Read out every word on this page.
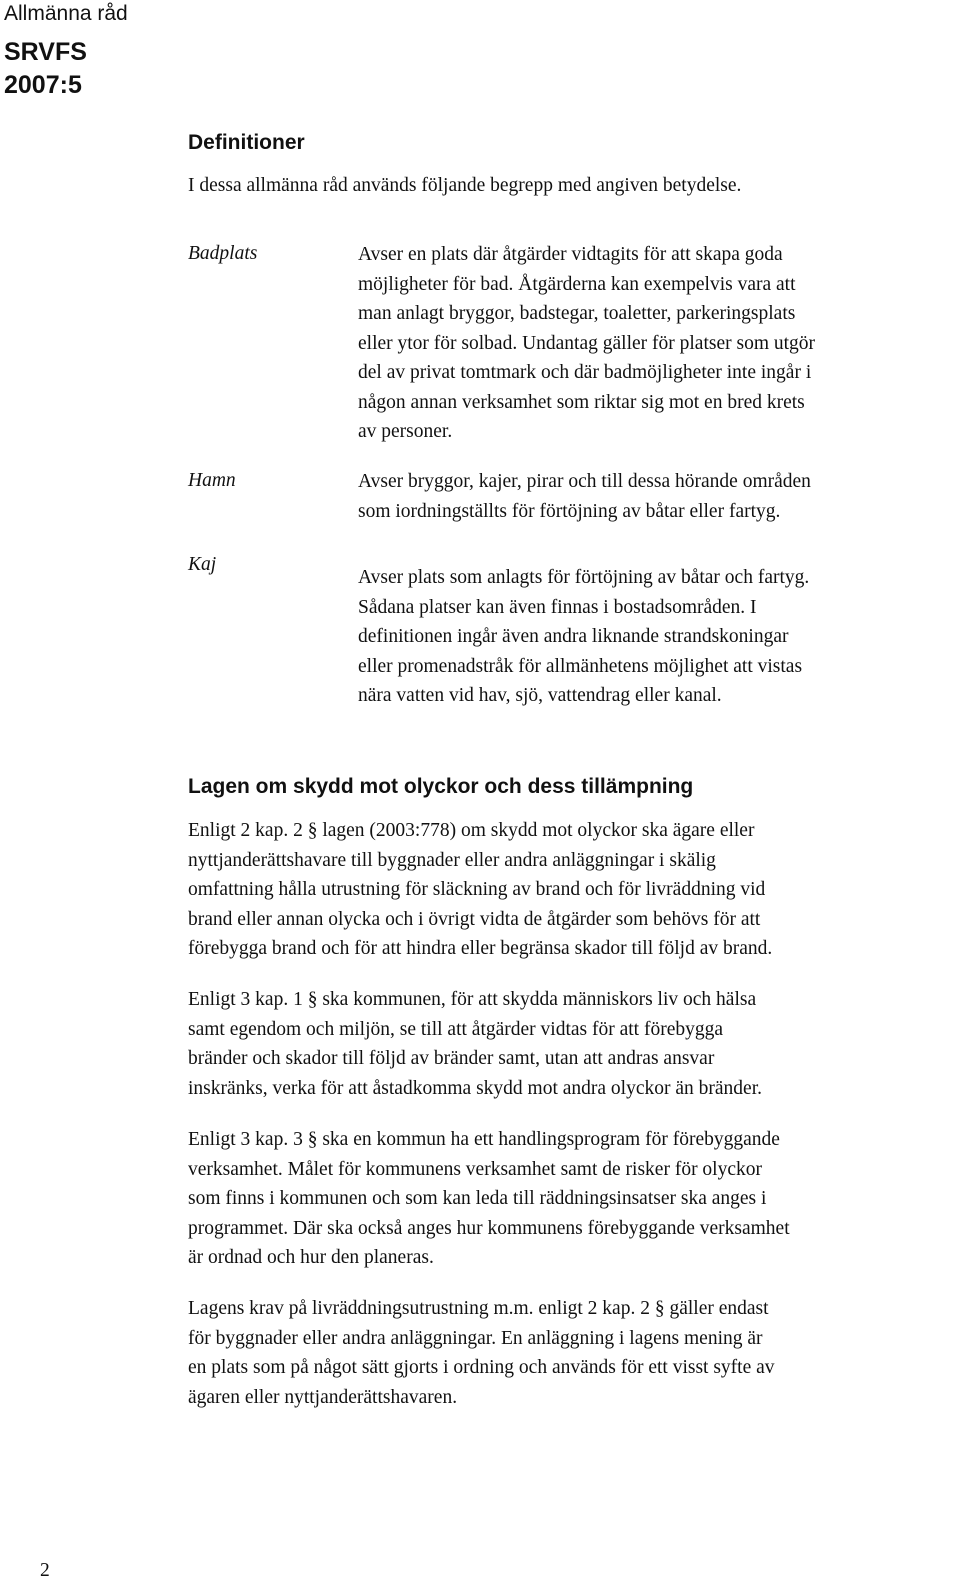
Allmänna råd
SRVFS
2007:5
Definitioner
I dessa allmänna råd används följande begrepp med angiven betydelse.
Badplats	Avser en plats där åtgärder vidtagits för att skapa goda
möjligheter för bad. Åtgärderna kan exempelvis vara att
man anlagt bryggor, badstegar, toaletter, parkeringsplats
eller ytor för solbad. Undantag gäller för platser som utgör
del av privat tomtmark och där badmöjligheter inte ingår i
någon annan verksamhet som riktar sig mot en bred krets
av personer.
Hamn	Avser bryggor, kajer, pirar och till dessa hörande områden
som iordningställts för förtöjning av båtar eller fartyg.
Kaj
Avser plats som anlagts för förtöjning av båtar och fartyg.
Sådana platser kan även finnas i bostadsområden. I
definitionen ingår även andra liknande strandskoningar
eller promenadstråk för allmänhetens möjlighet att vistas
nära vatten vid hav, sjö, vattendrag eller kanal.
Lagen om skydd mot olyckor och dess tillämpning
Enligt 2 kap. 2 § lagen (2003:778) om skydd mot olyckor ska ägare eller
nyttjanderättshavare till byggnader eller andra anläggningar i skälig
omfattning hålla utrustning för släckning av brand och för livräddning vid
brand eller annan olycka och i övrigt vidta de åtgärder som behövs för att
förebygga brand och för att hindra eller begränsa skador till följd av brand.
Enligt 3 kap. 1 § ska kommunen, för att skydda människors liv och hälsa
samt egendom och miljön, se till att åtgärder vidtas för att förebygga
bränder och skador till följd av bränder samt, utan att andras ansvar
inskränks, verka för att åstadkomma skydd mot andra olyckor än bränder.
Enligt 3 kap. 3 § ska en kommun ha ett handlingsprogram för förebyggande
verksamhet. Målet för kommunens verksamhet samt de risker för olyckor
som finns i kommunen och som kan leda till räddningsinsatser ska anges i
programmet. Där ska också anges hur kommunens förebyggande verksamhet
är ordnad och hur den planeras.
Lagens krav på livräddningsutrustning m.m. enligt 2 kap. 2 § gäller endast
för byggnader eller andra anläggningar. En anläggning i lagens mening är
en plats som på något sätt gjorts i ordning och används för ett visst syfte av
ägaren eller nyttjanderättshavaren.
2
